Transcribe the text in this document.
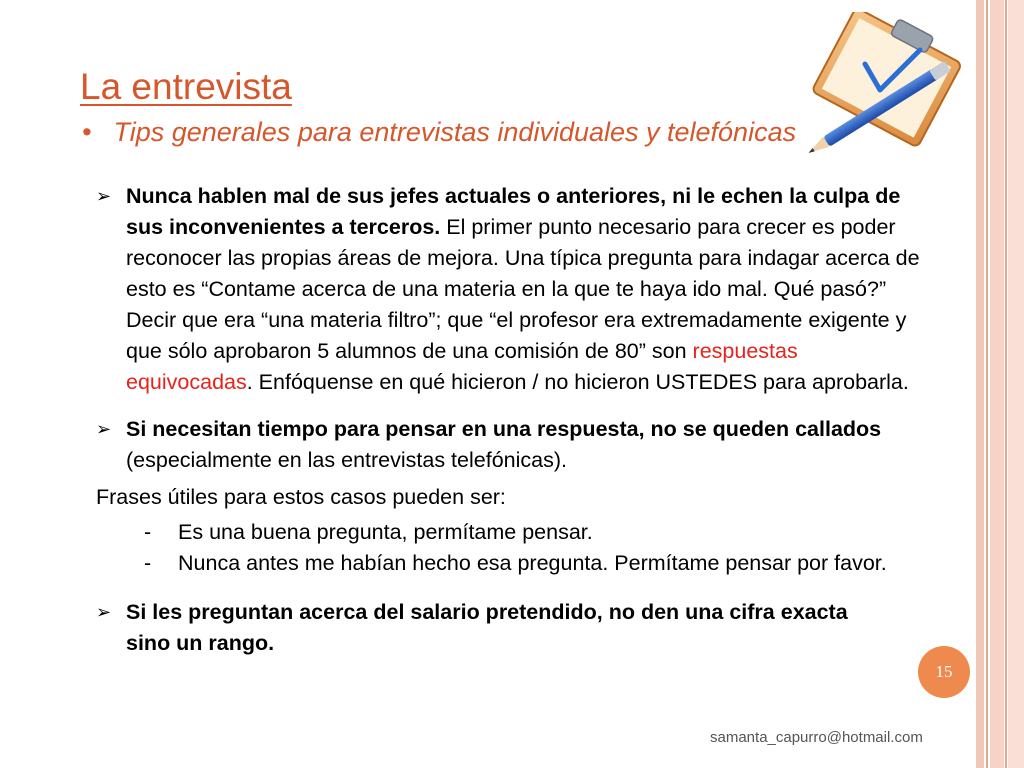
La entrevista
• Tips generales para entrevistas individuales y telefónicas
➢ Nunca hablen mal de sus jefes actuales o anteriores, ni le echen la culpa de sus inconvenientes a terceros. El primer punto necesario para crecer es poder reconocer las propias áreas de mejora. Una típica pregunta para indagar acerca de esto es “Contame acerca de una materia en la que te haya ido mal. Qué pasó?” Decir que era “una materia filtro”; que “el profesor era extremadamente exigente y que sólo aprobaron 5 alumnos de una comisión de 80” son respuestas equivocadas. Enfóquense en qué hicieron / no hicieron USTEDES para aprobarla.
➢ Si necesitan tiempo para pensar en una respuesta, no se queden callados (especialmente en las entrevistas telefónicas).
Frases útiles para estos casos pueden ser:
-	Es una buena pregunta, permítame pensar.
-	Nunca antes me habían hecho esa pregunta. Permítame pensar por favor.
➢ Si les preguntan acerca del salario pretendido, no den una cifra exacta sino un rango.
15
samanta_capurro@hotmail.com
